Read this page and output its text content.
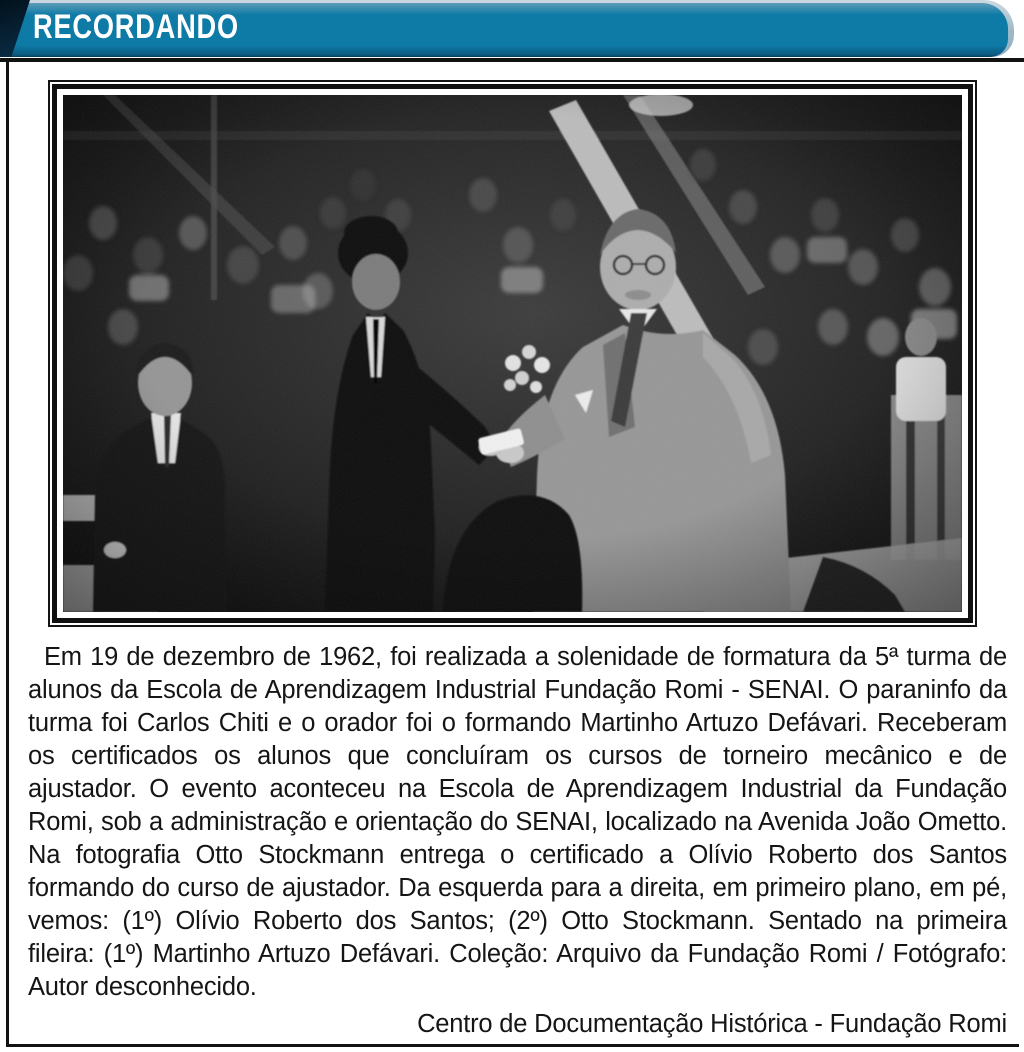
RECORDANDO

Em 19 de dezembro de 1962, foi realizada a solenidade de formatura da 5ª turma de alunos da Escola de Aprendizagem Industrial Fundação Romi - SENAI. O paraninfo da turma foi Carlos Chiti e o orador foi o formando Martinho Artuzo Defávari. Receberam os certificados os alunos que concluíram os cursos de torneiro mecânico e de ajustador. O evento aconteceu na Escola de Aprendizagem Industrial da Fundação Romi, sob a administração e orientação do SENAI, localizado na Avenida João Ometto. Na fotografia Otto Stockmann entrega o certificado a Olívio Roberto dos Santos formando do curso de ajustador. Da esquerda para a direita, em primeiro plano, em pé, vemos: (1º) Olívio Roberto dos Santos; (2º) Otto Stockmann. Sentado na primeira fileira: (1º) Martinho Artuzo Defávari. Coleção: Arquivo da Fundação Romi / Fotógrafo: Autor desconhecido.

Centro de Documentação Histórica - Fundação Romi
